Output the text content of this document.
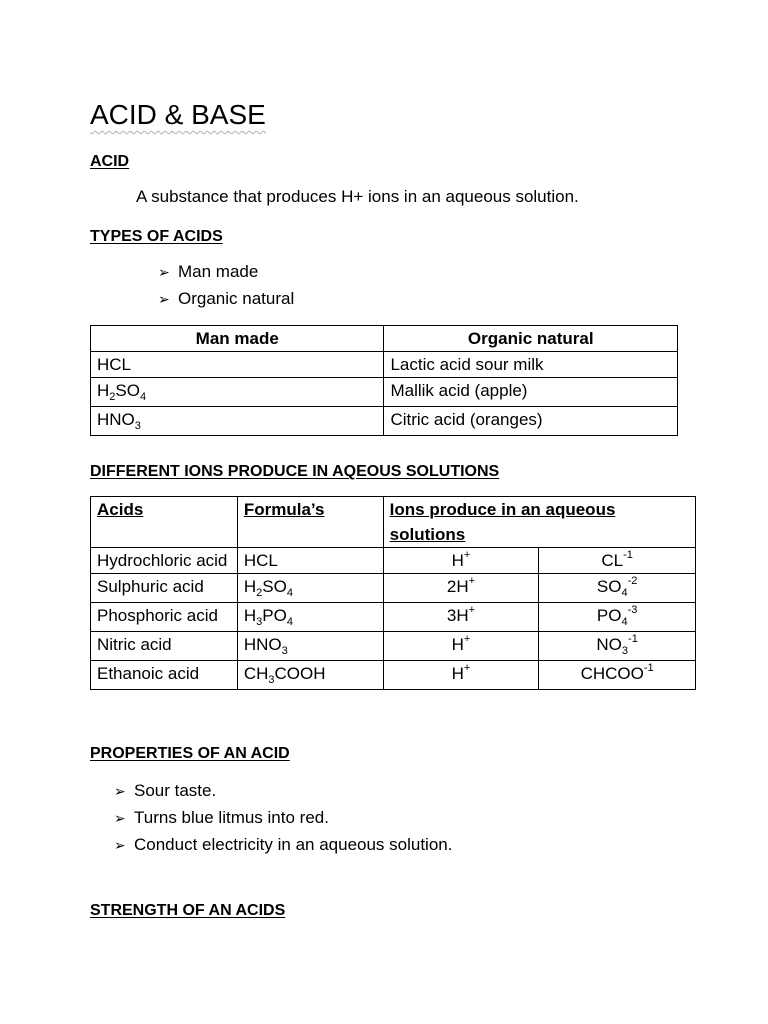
ACID & BASE
ACID

A substance that produces H+ ions in an aqueous solution.

TYPES OF ACIDS
➢ Man made
➢ Organic natural
Man made	Organic natural
HCL	Lactic acid sour milk
$H_2SO_4$	Mallik acid (apple)
$HNO_3$	Citric acid (oranges)
DIFFERENT IONS PRODUCE IN AQEOUS SOLUTIONS
Acids	Formula’s	Ions produce in an aqueous solutions	
Hydrochloric acid	HCL	H+	$CL^{-1}$
Sulphuric acid	$H_2SO_4$	2H+	$SO_4^{-2}$
Phosphoric acid	$H_3PO_4$	3H+	$PO_4^{-3}$
Nitric acid	$HNO_3$	H+	$NO_3^{-1}$
Ethanoic acid	$CH_3COOH$	H+	$CHCOO^{-1}$
PROPERTIES OF AN ACID
➢ Sour taste.
➢ Turns blue litmus into red.
➢ Conduct electricity in an aqueous solution.
STRENGTH OF AN ACIDS
